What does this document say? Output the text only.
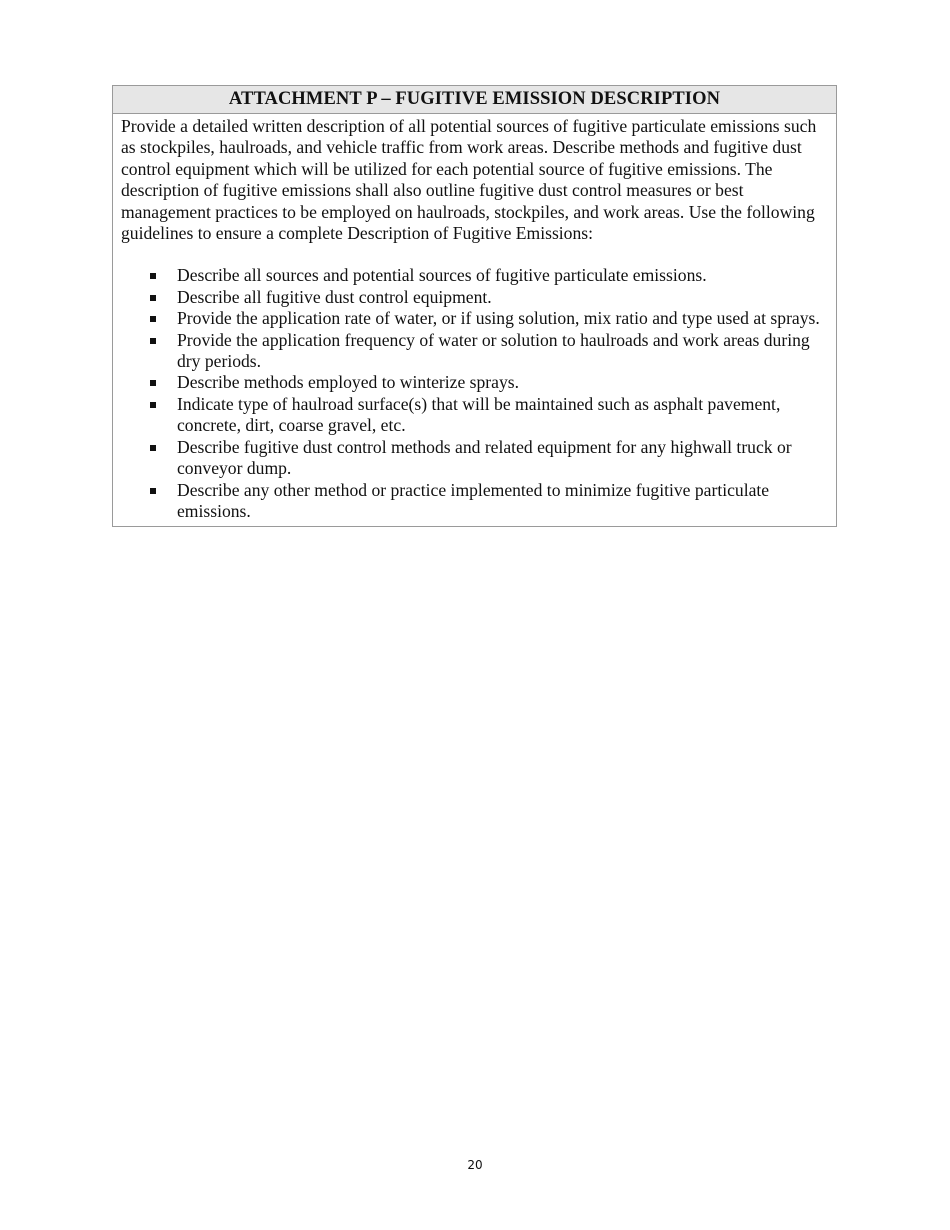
ATTACHMENT P – FUGITIVE EMISSION DESCRIPTION

Provide a detailed written description of all potential sources of fugitive particulate emissions such as stockpiles, haulroads, and vehicle traffic from work areas. Describe methods and fugitive dust control equipment which will be utilized for each potential source of fugitive emissions. The description of fugitive emissions shall also outline fugitive dust control measures or best management practices to be employed on haulroads, stockpiles, and work areas. Use the following guidelines to ensure a complete Description of Fugitive Emissions:

Describe all sources and potential sources of fugitive particulate emissions.
Describe all fugitive dust control equipment.
Provide the application rate of water, or if using solution, mix ratio and type used at sprays.
Provide the application frequency of water or solution to haulroads and work areas during dry periods.
Describe methods employed to winterize sprays.
Indicate type of haulroad surface(s) that will be maintained such as asphalt pavement, concrete, dirt, coarse gravel, etc.
Describe fugitive dust control methods and related equipment for any highwall truck or conveyor dump.
Describe any other method or practice implemented to minimize fugitive particulate emissions.
20
